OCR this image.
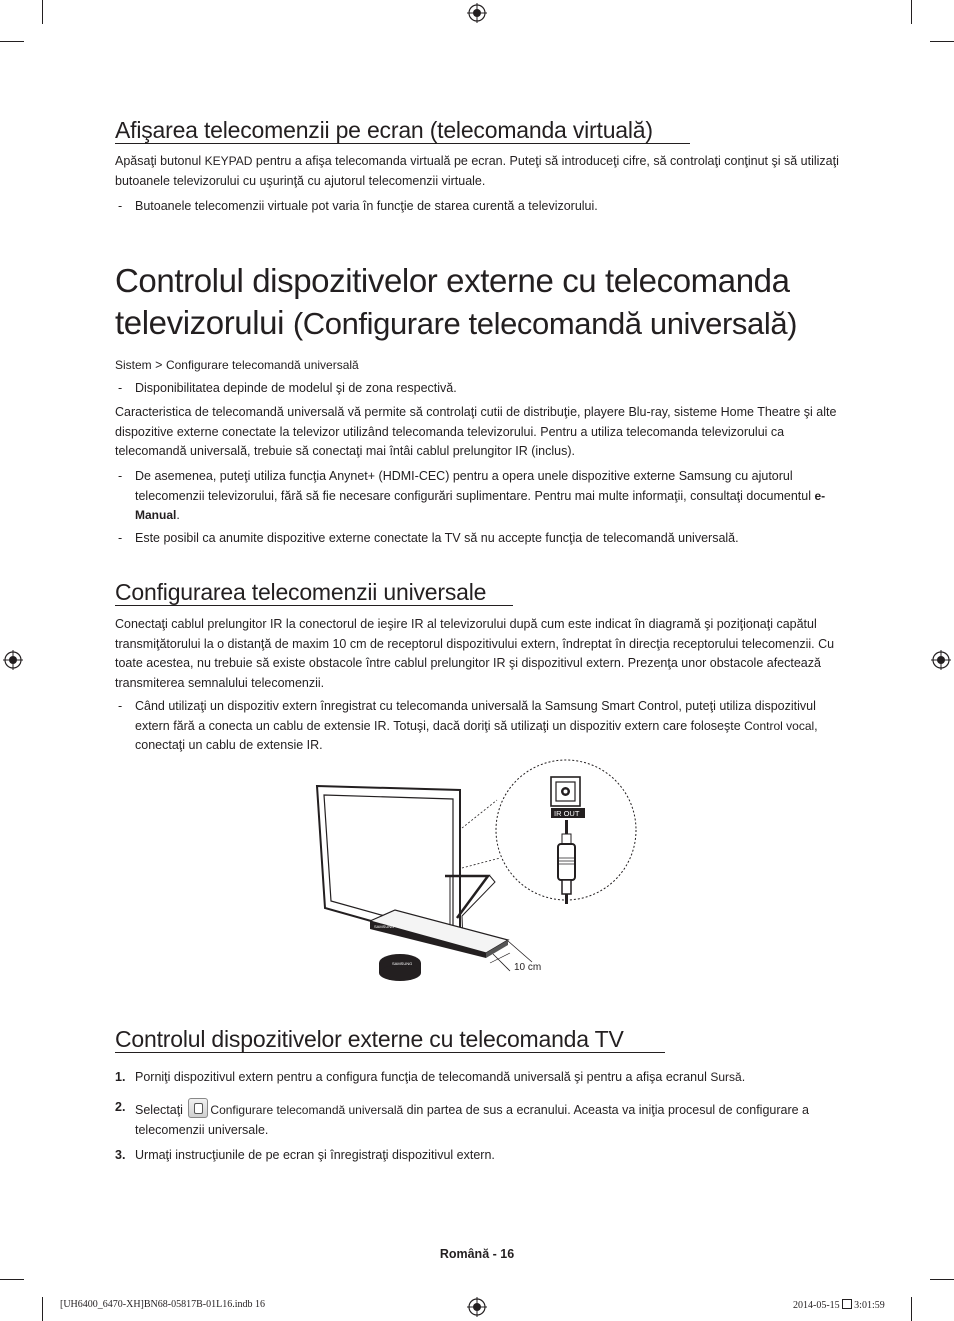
Afişarea telecomenzii pe ecran (telecomanda virtuală)

Apăsaţi butonul KEYPAD pentru a afişa telecomanda virtuală pe ecran. Puteţi să introduceţi cifre, să controlaţi conţinut şi să utilizaţi butoanele televizorului cu uşurinţă cu ajutorul telecomenzii virtuale.

- Butoanele telecomenzii virtuale pot varia în funcţie de starea curentă a televizorului.

Controlul dispozitivelor externe cu telecomanda
televizorului (Configurare telecomandă universală)

Sistem > Configurare telecomandă universală

- Disponibilitatea depinde de modelul şi de zona respectivă.

Caracteristica de telecomandă universală vă permite să controlaţi cutii de distribuţie, playere Blu-ray, sisteme Home Theatre şi alte dispozitive externe conectate la televizor utilizând telecomanda televizorului. Pentru a utiliza telecomanda televizorului ca telecomandă universală, trebuie să conectaţi mai întâi cablul prelungitor IR (inclus).

- De asemenea, puteţi utiliza funcţia Anynet+ (HDMI-CEC) pentru a opera unele dispozitive externe Samsung cu ajutorul telecomenzii televizorului, fără să fie necesare configurări suplimentare. Pentru mai multe informaţii, consultaţi documentul e-Manual.

- Este posibil ca anumite dispozitive externe conectate la TV să nu accepte funcţia de telecomandă universală.

Configurarea telecomenzii universale

Conectaţi cablul prelungitor IR la conectorul de ieşire IR al televizorului după cum este indicat în diagramă şi poziţionaţi capătul transmiţătorului la o distanţă de maxim 10 cm de receptorul dispozitivului extern, îndreptat în direcţia receptorului telecomenzii. Cu toate acestea, nu trebuie să existe obstacole între cablul prelungitor IR şi dispozitivul extern. Prezenţa unor obstacole afectează transmiterea semnalului telecomenzii.

- Când utilizaţi un dispozitiv extern înregistrat cu telecomanda universală la Samsung Smart Control, puteţi utiliza dispozitivul extern fără a conecta un cablu de extensie IR. Totuşi, dacă doriţi să utilizaţi un dispozitiv extern care foloseşte Control vocal, conectaţi un cablu de extensie IR.

SAMSUNG
SAMSUNG	10 cm
IR OUT
Controlul dispozitivelor externe cu telecomanda TV
1. Porniţi dispozitivul extern pentru a configura funcţia de telecomandă universală şi pentru a afişa ecranul Sursă.

2. Selectaţi Configurare telecomandă universală din partea de sus a ecranului. Aceasta va iniţia procesul de configurare a telecomenzii universale.

3. Urmaţi instrucţiunile de pe ecran şi înregistraţi dispozitivul extern.

Română - 16
[UH6400_6470-XH]BN68-05817B-01L16.indb 16	2014-05-15 3:01:59
